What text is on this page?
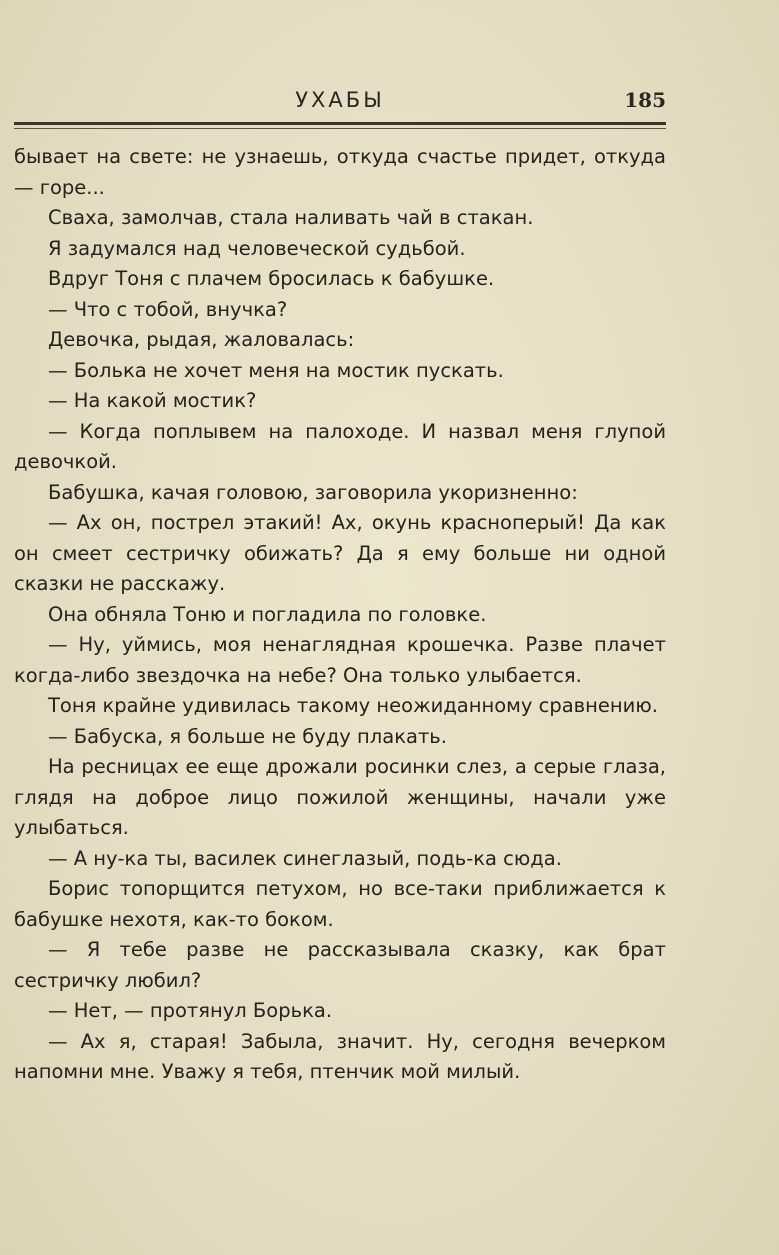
УХАБЫ	185

бывает на свете: не узнаешь, откуда счастье придет, откуда — горе...

Сваха, замолчав, стала наливать чай в стакан.

Я задумался над человеческой судьбой.

Вдруг Тоня с плачем бросилась к бабушке.

— Что с тобой, внучка?

Девочка, рыдая, жаловалась:

— Болька не хочет меня на мостик пускать.

— На какой мостик?

— Когда поплывем на палоходе. И назвал меня глупой девочкой.

Бабушка, качая головою, заговорила укоризненно:

— Ах он, пострел этакий! Ах, окунь краснoперый! Да как он смеет сестричку обижать? Да я ему больше ни одной сказки не расскажу.

Она обняла Тоню и погладила по головке.

— Ну, уймись, моя ненаглядная крошечка. Разве плачет когда-либо звездочка на небе? Она только улыбается.

Тоня крайне удивилась такому неожиданному сравнению.

— Бабуска, я больше не буду плакать.

На ресницах ее еще дрожали росинки слез, а серые глаза, глядя на доброе лицо пожилой женщины, начали уже улыбаться.

— А ну-ка ты, василек синеглазый, подь-ка сюда.

Борис топорщится петухом, но все-таки приближается к бабушке нехотя, как-то боком.

— Я тебе разве не рассказывала сказку, как брат сестричку любил?

— Нет, — протянул Борька.

— Ах я, старая! Забыла, значит. Ну, сегодня вечерком напомни мне. Уважу я тебя, птенчик мой милый.
